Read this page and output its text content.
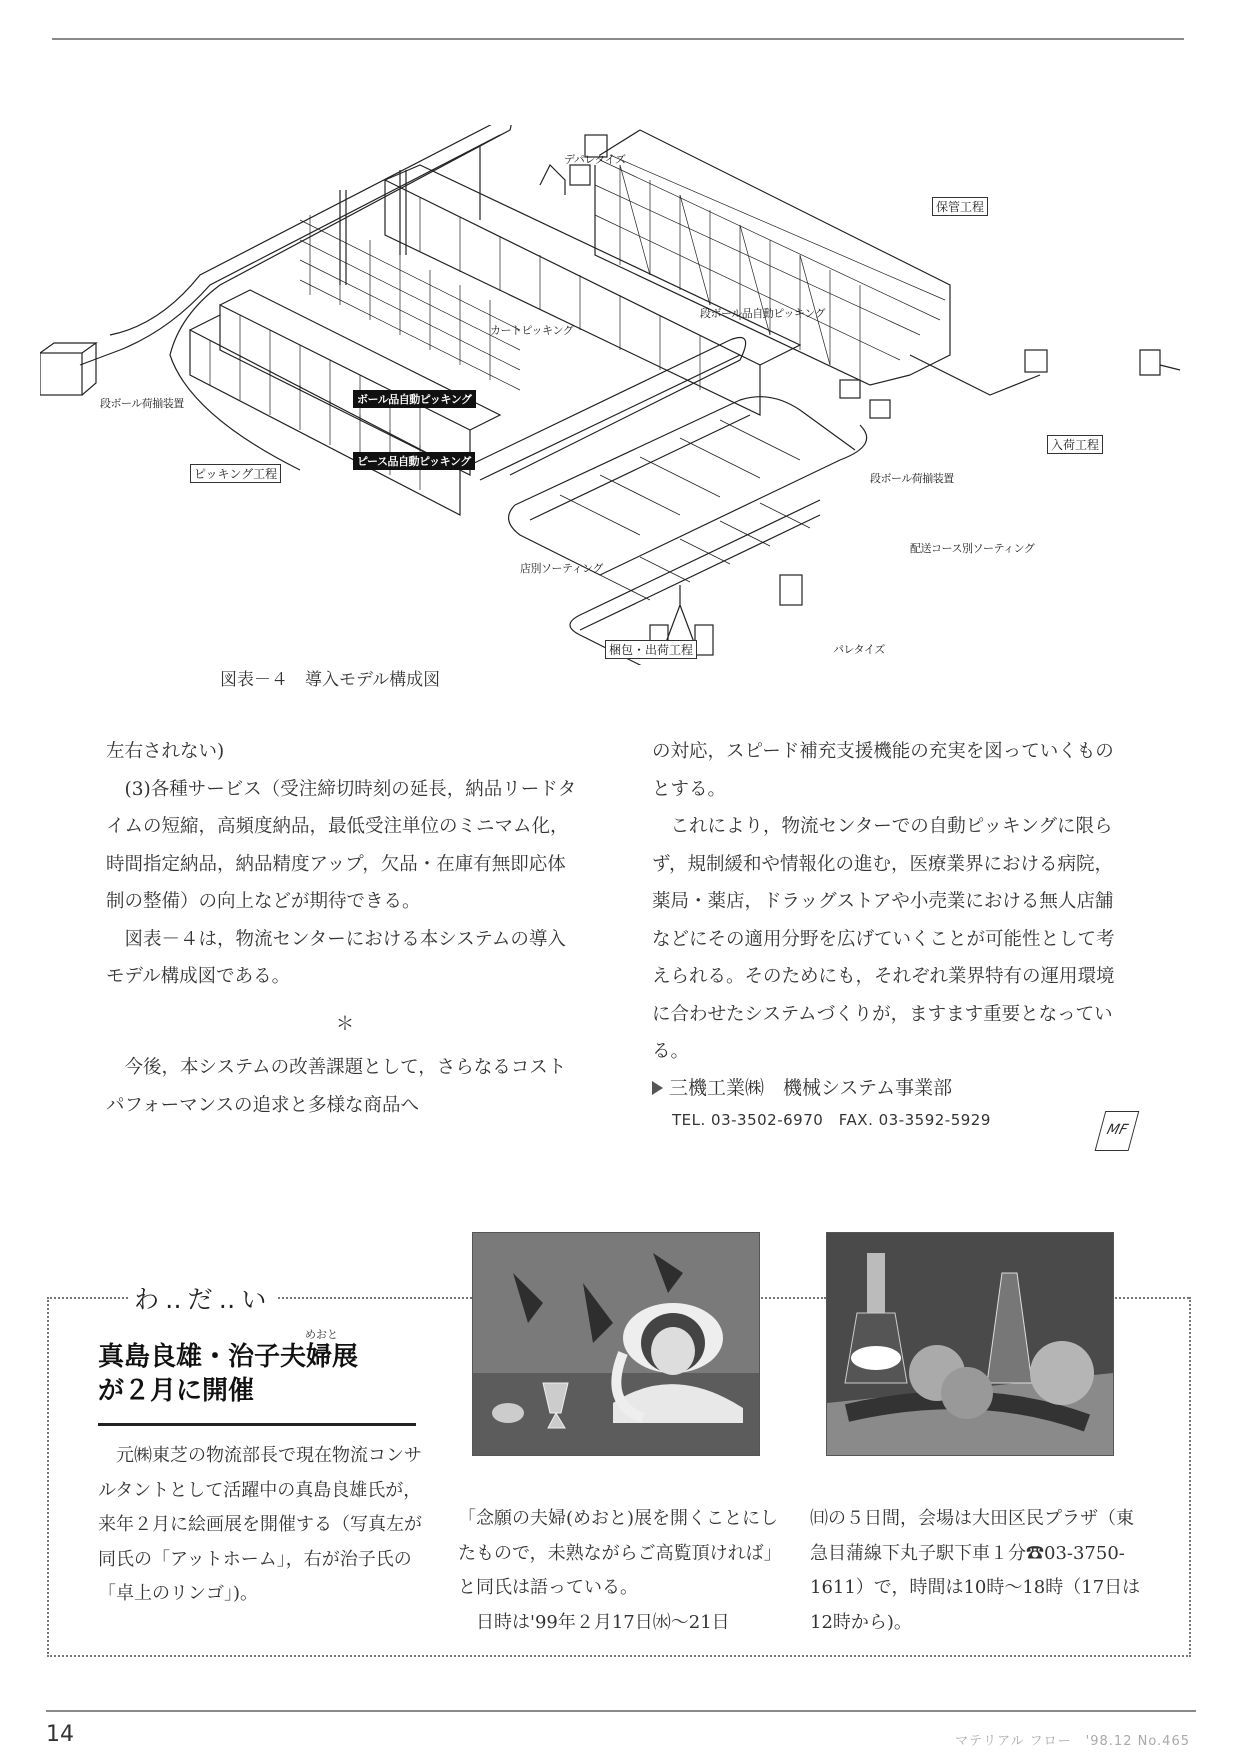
デパレタイズ
保管工程
段ボール品自動ピッキング
カートピッキング
段ボール荷揃装置	ボール品自動ピッキング
ピース品自動ピッキング
ピッキング工程
入荷工程
段ボール荷揃装置
配送コース別ソーティング
店別ソーティング
梱包・出荷工程	パレタイズ
図表－４　導入モデル構成図

左右されない)

(3)各種サービス（受注締切時刻の延長，納品リードタイムの短縮，高頻度納品，最低受注単位のミニマム化，時間指定納品，納品精度アップ，欠品・在庫有無即応体制の整備）の向上などが期待できる。

図表－４は，物流センターにおける本システムの導入モデル構成図である。

＊

今後，本システムの改善課題として，さらなるコストパフォーマンスの追求と多様な商品へ

の対応，スピード補充支援機能の充実を図っていくものとする。

これにより，物流センターでの自動ピッキングに限らず，規制緩和や情報化の進む，医療業界における病院，薬局・薬店，ドラッグストアや小売業における無人店舗などにその適用分野を広げていくことが可能性として考えられる。そのためにも，それぞれ業界特有の運用環境に合わせたシステムづくりが，ますます重要となっている。

三機工業㈱　機械システム事業部
TEL. 03-3502-6970　FAX. 03-3592-5929
MF
わ‥だ‥い
めおと
真島良雄・治子夫婦展
が２月に開催

元㈱東芝の物流部長で現在物流コンサルタントとして活躍中の真島良雄氏が，来年２月に絵画展を開催する（写真左が同氏の「アットホーム」，右が治子氏の「卓上のリンゴ」)。

「念願の夫婦(めおと)展を開くことにしたもので，未熟ながらご高覧頂ければ」と同氏は語っている。

日時は'99年２月17日㈬～21日

㈰の５日間，会場は大田区民プラザ（東急目蒲線下丸子駅下車１分☎03-3750-1611）で，時間は10時～18時（17日は12時から)。

14	マテリアル フロー　'98.12 No.465
